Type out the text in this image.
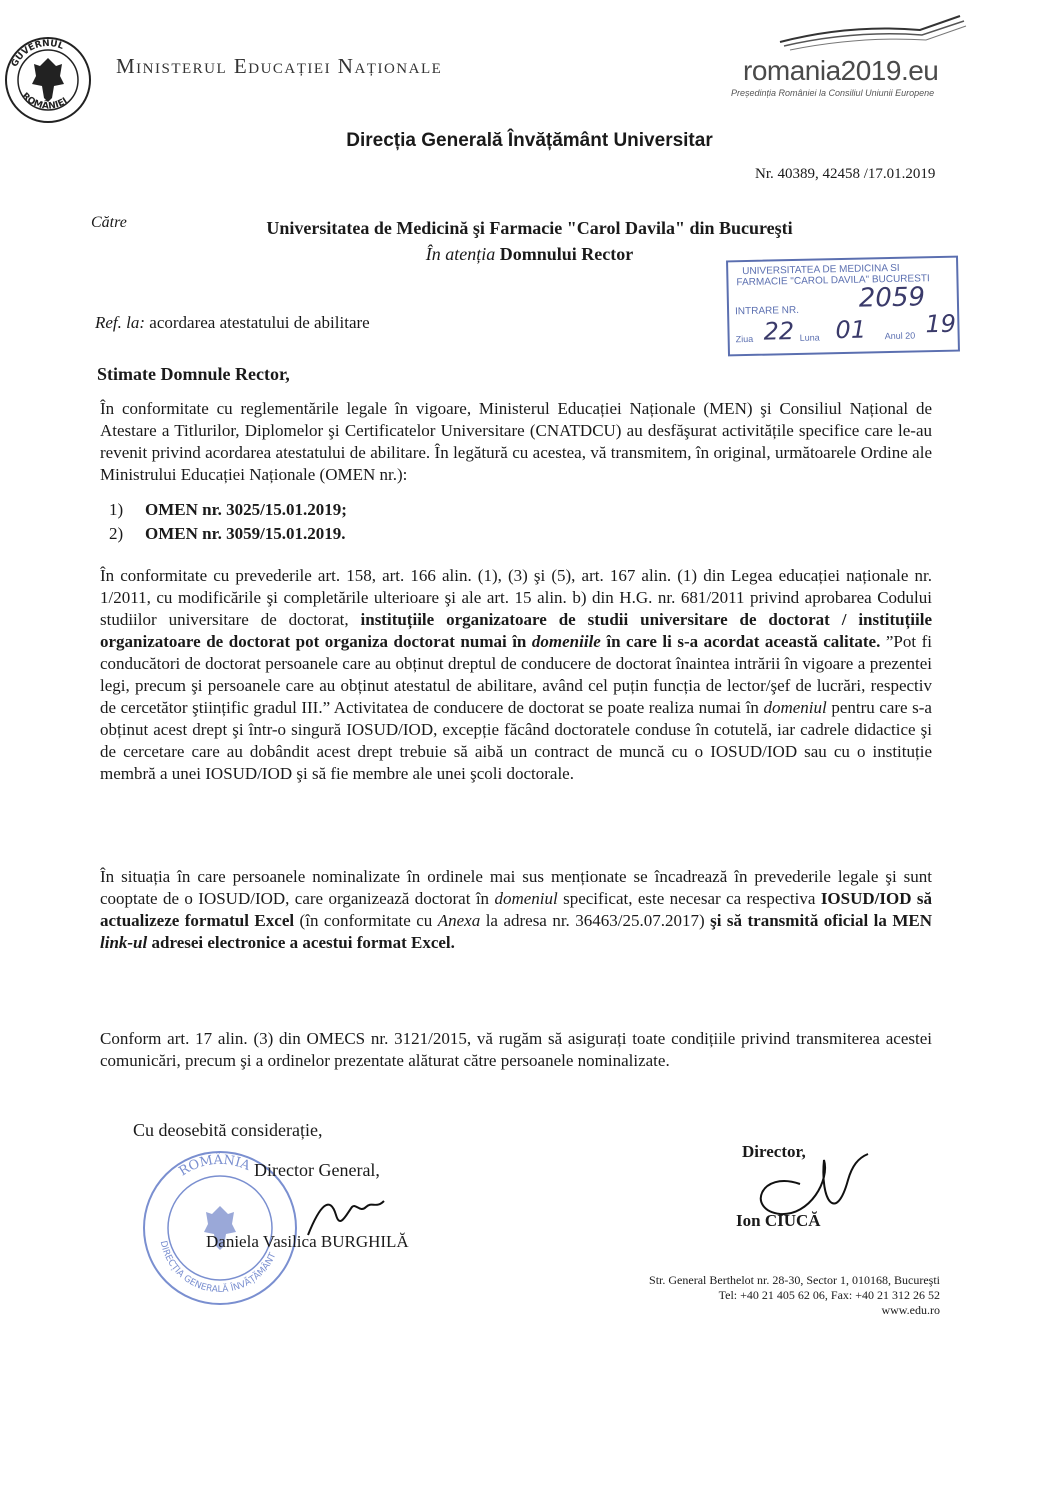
GUVERNUL
ROMÂNIEI
Ministerul Educației Naționale	romania2019.eu
Președinția României la Consiliul Uniunii Europene
Direcția Generală Învățământ Universitar
Nr. 40389, 42458 /17.01.2019
Către	Universitatea de Medicină şi Farmacie "Carol Davila" din Bucureşti
În atenția Domnului Rector
UNIVERSITATEA DE MEDICINA SI
FARMACIE "CAROL DAVILA" BUCURESTI
INTRARE NR. 2059
Ziua 22 Luna 01 Anul 20 19
Ref. la: acordarea atestatului de abilitare
Stimate Domnule Rector,
În conformitate cu reglementările legale în vigoare, Ministerul Educației Naționale (MEN) şi Consiliul Național de Atestare a Titlurilor, Diplomelor şi Certificatelor Universitare (CNATDCU) au desfăşurat activitățile specifice care le-au revenit privind acordarea atestatului de abilitare. În legătură cu acestea, vă transmitem, în original, următoarele Ordine ale Ministrului Educației Naționale (OMEN nr.):
1) OMEN nr. 3025/15.01.2019;
2) OMEN nr. 3059/15.01.2019.
În conformitate cu prevederile art. 158, art. 166 alin. (1), (3) şi (5), art. 167 alin. (1) din Legea educației naționale nr. 1/2011, cu modificările şi completările ulterioare şi ale art. 15 alin. b) din H.G. nr. 681/2011 privind aprobarea Codului studiilor universitare de doctorat, instituțiile organizatoare de studii universitare de doctorat / instituțiile organizatoare de doctorat pot organiza doctorat numai în domeniile în care li s-a acordat această calitate. ”Pot fi conducători de doctorat persoanele care au obținut dreptul de conducere de doctorat înaintea intrării în vigoare a prezentei legi, precum şi persoanele care au obținut atestatul de abilitare, având cel puțin funcția de lector/şef de lucrări, respectiv de cercetător ştiințific gradul III.” Activitatea de conducere de doctorat se poate realiza numai în domeniul pentru care s-a obținut acest drept şi într-o singură IOSUD/IOD, excepție făcând doctoratele conduse în cotutelă, iar cadrele didactice şi de cercetare care au dobândit acest drept trebuie să aibă un contract de muncă cu o IOSUD/IOD sau cu o instituție membră a unei IOSUD/IOD şi să fie membre ale unei şcoli doctorale.
În situația în care persoanele nominalizate în ordinele mai sus menționate se încadrează în prevederile legale şi sunt cooptate de o IOSUD/IOD, care organizează doctorat în domeniul specificat, este necesar ca respectiva IOSUD/IOD să actualizeze formatul Excel (în conformitate cu Anexa la adresa nr. 36463/25.07.2017) şi să transmită oficial la MEN link-ul adresei electronice a acestui format Excel.
Conform art. 17 alin. (3) din OMECS nr. 3121/2015, vă rugăm să asigurați toate condițiile privind transmiterea acestei comunicări, precum şi a ordinelor prezentate alăturat către persoanele nominalizate.
Cu deosebită considerație,
ROMÂNIA
DIRECȚIA GENERALĂ ÎNVĂȚĂMÂNT
Director General,
Daniela Vasilica BURGHILĂ
Director,
Ion CIUCĂ
Str. General Berthelot nr. 28-30, Sector 1, 010168, Bucureşti
Tel: +40 21 405 62 06, Fax: +40 21 312 26 52
www.edu.ro
